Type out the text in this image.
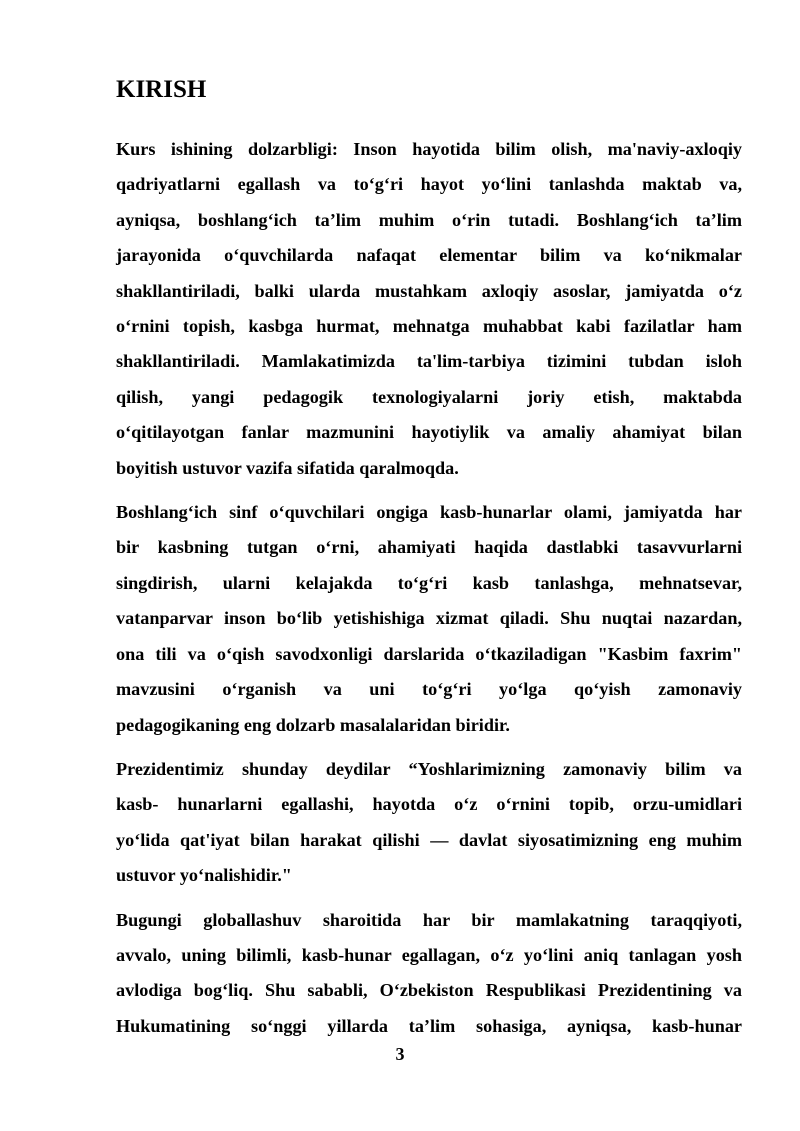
KIRISH

Kurs ishining dolzarbligi: Inson hayotida bilim olish, ma'naviy-axloqiy
qadriyatlarni egallash va to‘g‘ri hayot yo‘lini tanlashda maktab va,
ayniqsa, boshlang‘ich ta’lim muhim o‘rin tutadi. Boshlang‘ich ta’lim
jarayonida o‘quvchilarda nafaqat elementar bilim va ko‘nikmalar
shakllantiriladi, balki ularda mustahkam axloqiy asoslar, jamiyatda o‘z
o‘rnini topish, kasbga hurmat, mehnatga muhabbat kabi fazilatlar ham
shakllantiriladi. Mamlakatimizda ta'lim-tarbiya tizimini tubdan isloh
qilish, yangi pedagogik texnologiyalarni joriy etish, maktabda
o‘qitilayotgan fanlar mazmunini hayotiylik va amaliy ahamiyat bilan
boyitish ustuvor vazifa sifatida qaralmoqda.

Boshlang‘ich sinf o‘quvchilari ongiga kasb-hunarlar olami, jamiyatda har
bir kasbning tutgan o‘rni, ahamiyati haqida dastlabki tasavvurlarni
singdirish, ularni kelajakda to‘g‘ri kasb tanlashga, mehnatsevar,
vatanparvar inson bo‘lib yetishishiga xizmat qiladi. Shu nuqtai nazardan,
ona tili va o‘qish savodxonligi darslarida o‘tkaziladigan "Kasbim faxrim"
mavzusini o‘rganish va uni to‘g‘ri yo‘lga qo‘yish zamonaviy
pedagogikaning eng dolzarb masalalaridan biridir.

Prezidentimiz shunday deydilar “Yoshlarimizning zamonaviy bilim va
kasb- hunarlarni egallashi, hayotda o‘z o‘rnini topib, orzu-umidlari
yo‘lida qat'iyat bilan harakat qilishi — davlat siyosatimizning eng muhim
ustuvor yo‘nalishidir."

Bugungi globallashuv sharoitida har bir mamlakatning taraqqiyoti,
avvalo, uning bilimli, kasb-hunar egallagan, o‘z yo‘lini aniq tanlagan yosh
avlodiga bog‘liq. Shu sababli, O‘zbekiston Respublikasi Prezidentining va
Hukumatining so‘nggi yillarda ta’lim sohasiga, ayniqsa, kasb-hunar

3
